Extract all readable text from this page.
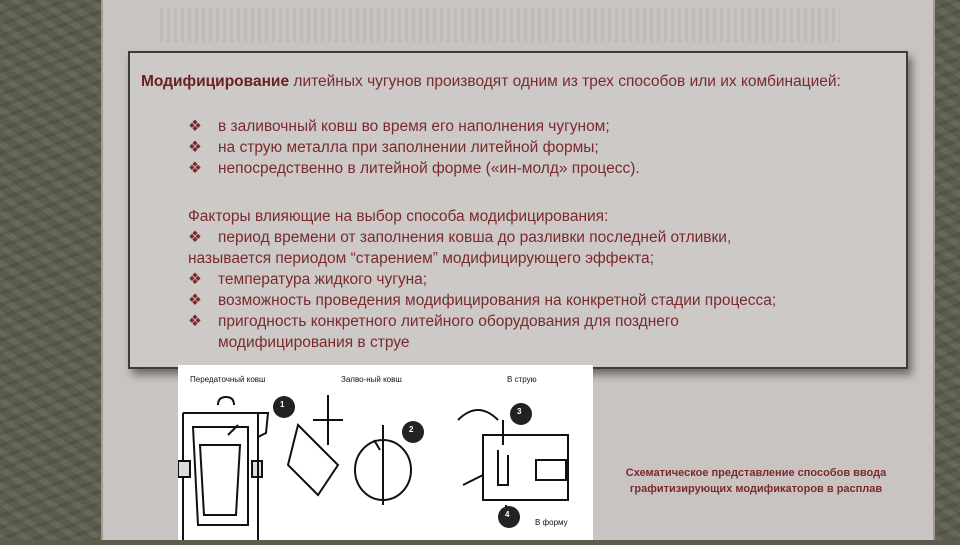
Модифицирование литейных чугунов производят одним из трех способов или их комбинацией:
❖ в заливочный ковш во время его наполнения чугуном;
❖ на струю металла при заполнении литейной формы;
❖ непосредственно в литейной форме («ин-молд» процесс).
Факторы влияющие на выбор способа модифицирования:
❖ период времени от заполнения ковша до разливки последней отливки,
называется периодом “старением” модифицирующего эффекта;
❖ температура жидкого чугуна;
❖ возможность проведения модифицирования на конкретной стадии процесса;
❖ пригодность конкретного литейного оборудования для позднего
модифицирования в струе
Передаточный ковш	Залво-ный ковш	В струю
В форму
1
2
3
4
Схематическое представление способов ввода
графитизирующих модификаторов в расплав
